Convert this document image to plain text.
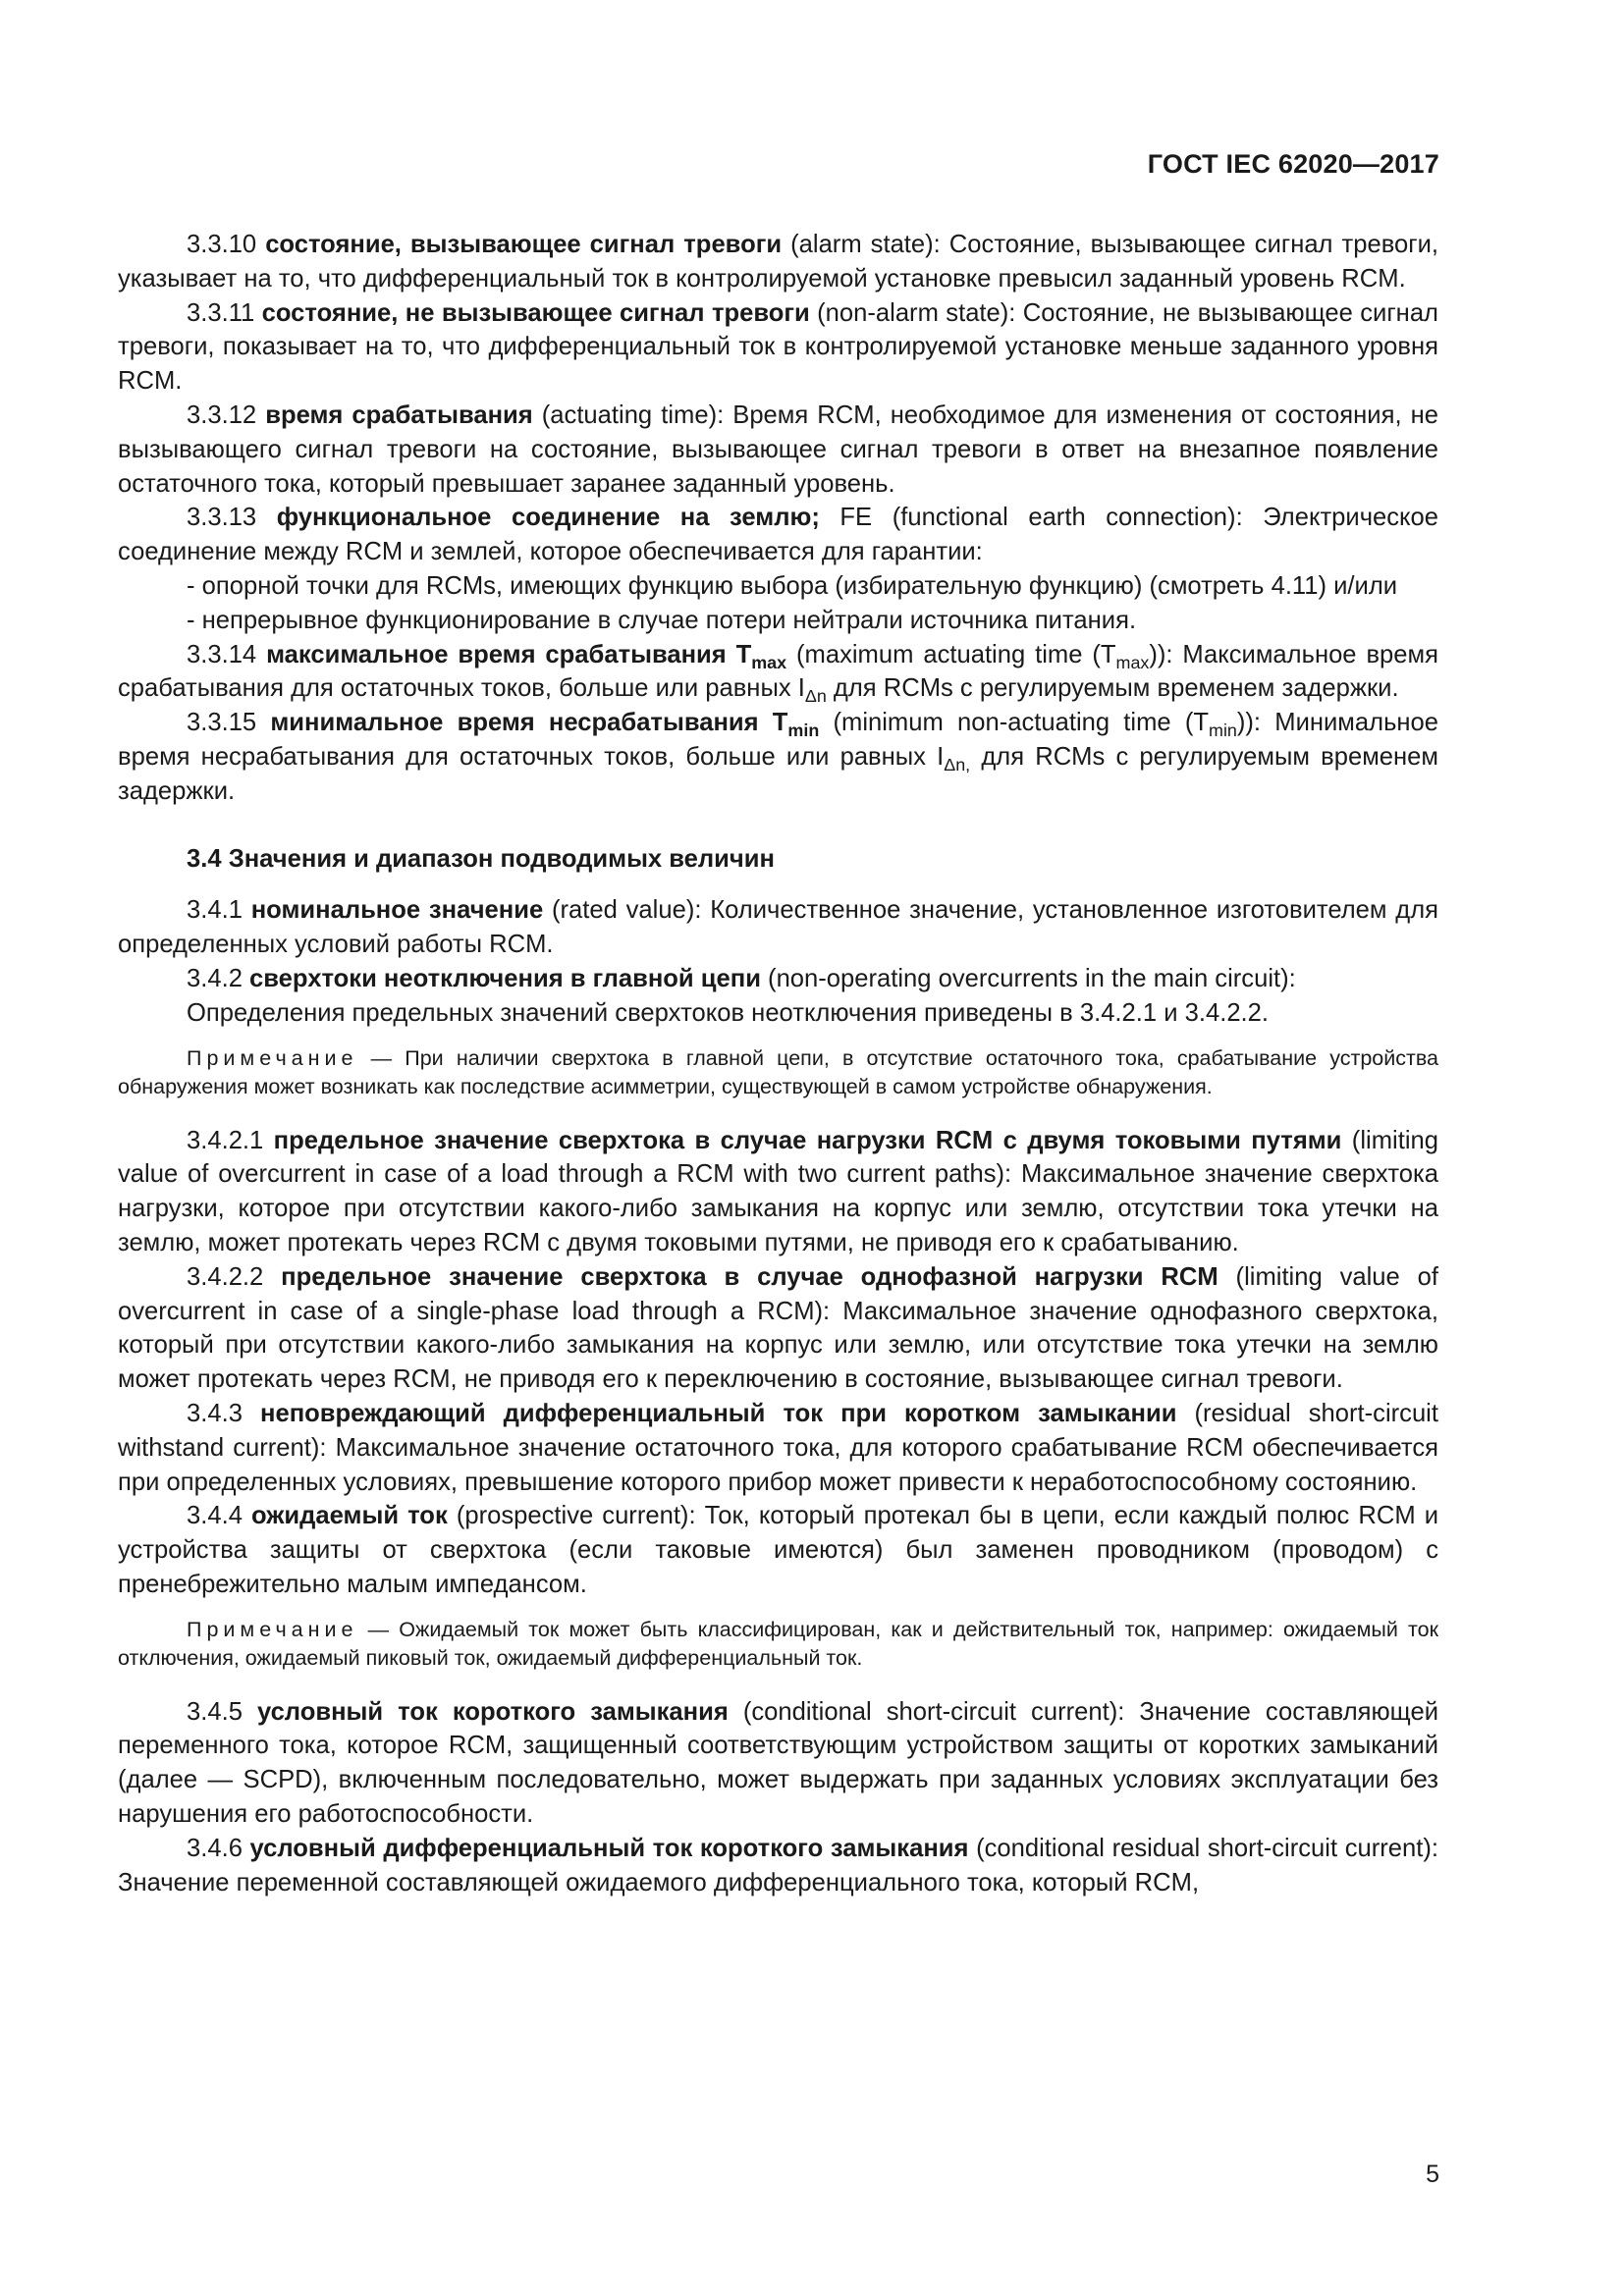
ГОСТ IEC 62020—2017

3.3.10 состояние, вызывающее сигнал тревоги (alarm state): Состояние, вызывающее сигнал тревоги, указывает на то, что дифференциальный ток в контролируемой установке превысил заданный уровень RCM.

3.3.11 состояние, не вызывающее сигнал тревоги (non-alarm state): Состояние, не вызывающее сигнал тревоги, показывает на то, что дифференциальный ток в контролируемой установке меньше заданного уровня RCM.

3.3.12 время срабатывания (actuating time): Время RCM, необходимое для изменения от состояния, не вызывающего сигнал тревоги на состояние, вызывающее сигнал тревоги в ответ на внезапное появление остаточного тока, который превышает заранее заданный уровень.

3.3.13 функциональное соединение на землю; FE (functional earth connection): Электрическое соединение между RCM и землей, которое обеспечивается для гарантии:

- опорной точки для RCMs, имеющих функцию выбора (избирательную функцию) (смотреть 4.11) и/или

- непрерывное функционирование в случае потери нейтрали источника питания.

3.3.14 максимальное время срабатывания $T_{max}$ (maximum actuating time $(T_{max})$): Максимальное время срабатывания для остаточных токов, больше или равных $I_{\Delta n}$ для RCMs с регулируемым временем задержки.

3.3.15 минимальное время несрабатывания $T_{min}$ (minimum non-actuating time $(T_{min})$): Минимальное время несрабатывания для остаточных токов, больше или равных $I_{\Delta n,}$ для RCMs с регулируемым временем задержки.

3.4 Значения и диапазон подводимых величин

3.4.1 номинальное значение (rated value): Количественное значение, установленное изготовителем для определенных условий работы RCM.

3.4.2 сверхтоки неотключения в главной цепи (non-operating overcurrents in the main circuit):

Определения предельных значений сверхтоков неотключения приведены в 3.4.2.1 и 3.4.2.2.

Примечание — При наличии сверхтока в главной цепи, в отсутствие остаточного тока, срабатывание устройства обнаружения может возникать как последствие асимметрии, существующей в самом устройстве обнаружения.

3.4.2.1 предельное значение сверхтока в случае нагрузки RCM с двумя токовыми путями (limiting value of overcurrent in case of a load through a RCM with two current paths): Максимальное значение сверхтока нагрузки, которое при отсутствии какого-либо замыкания на корпус или землю, отсутствии тока утечки на землю, может протекать через RCM с двумя токовыми путями, не приводя его к срабатыванию.

3.4.2.2 предельное значение сверхтока в случае однофазной нагрузки RCM (limiting value of overcurrent in case of a single-phase load through a RCM): Максимальное значение однофазного сверхтока, который при отсутствии какого-либо замыкания на корпус или землю, или отсутствие тока утечки на землю может протекать через RCM, не приводя его к переключению в состояние, вызывающее сигнал тревоги.

3.4.3 неповреждающий дифференциальный ток при коротком замыкании (residual short-circuit withstand current): Максимальное значение остаточного тока, для которого срабатывание RCM обеспечивается при определенных условиях, превышение которого прибор может привести к неработоспособному состоянию.

3.4.4 ожидаемый ток (prospective current): Ток, который протекал бы в цепи, если каждый полюс RCM и устройства защиты от сверхтока (если таковые имеются) был заменен проводником (проводом) с пренебрежительно малым импедансом.

Примечание — Ожидаемый ток может быть классифицирован, как и действительный ток, например: ожидаемый ток отключения, ожидаемый пиковый ток, ожидаемый дифференциальный ток.

3.4.5 условный ток короткого замыкания (conditional short-circuit current): Значение составляющей переменного тока, которое RCM, защищенный соответствующим устройством защиты от коротких замыканий (далее — SCPD), включенным последовательно, может выдержать при заданных условиях эксплуатации без нарушения его работоспособности.

3.4.6 условный дифференциальный ток короткого замыкания (conditional residual short-circuit current): Значение переменной составляющей ожидаемого дифференциального тока, который RCM,

5
